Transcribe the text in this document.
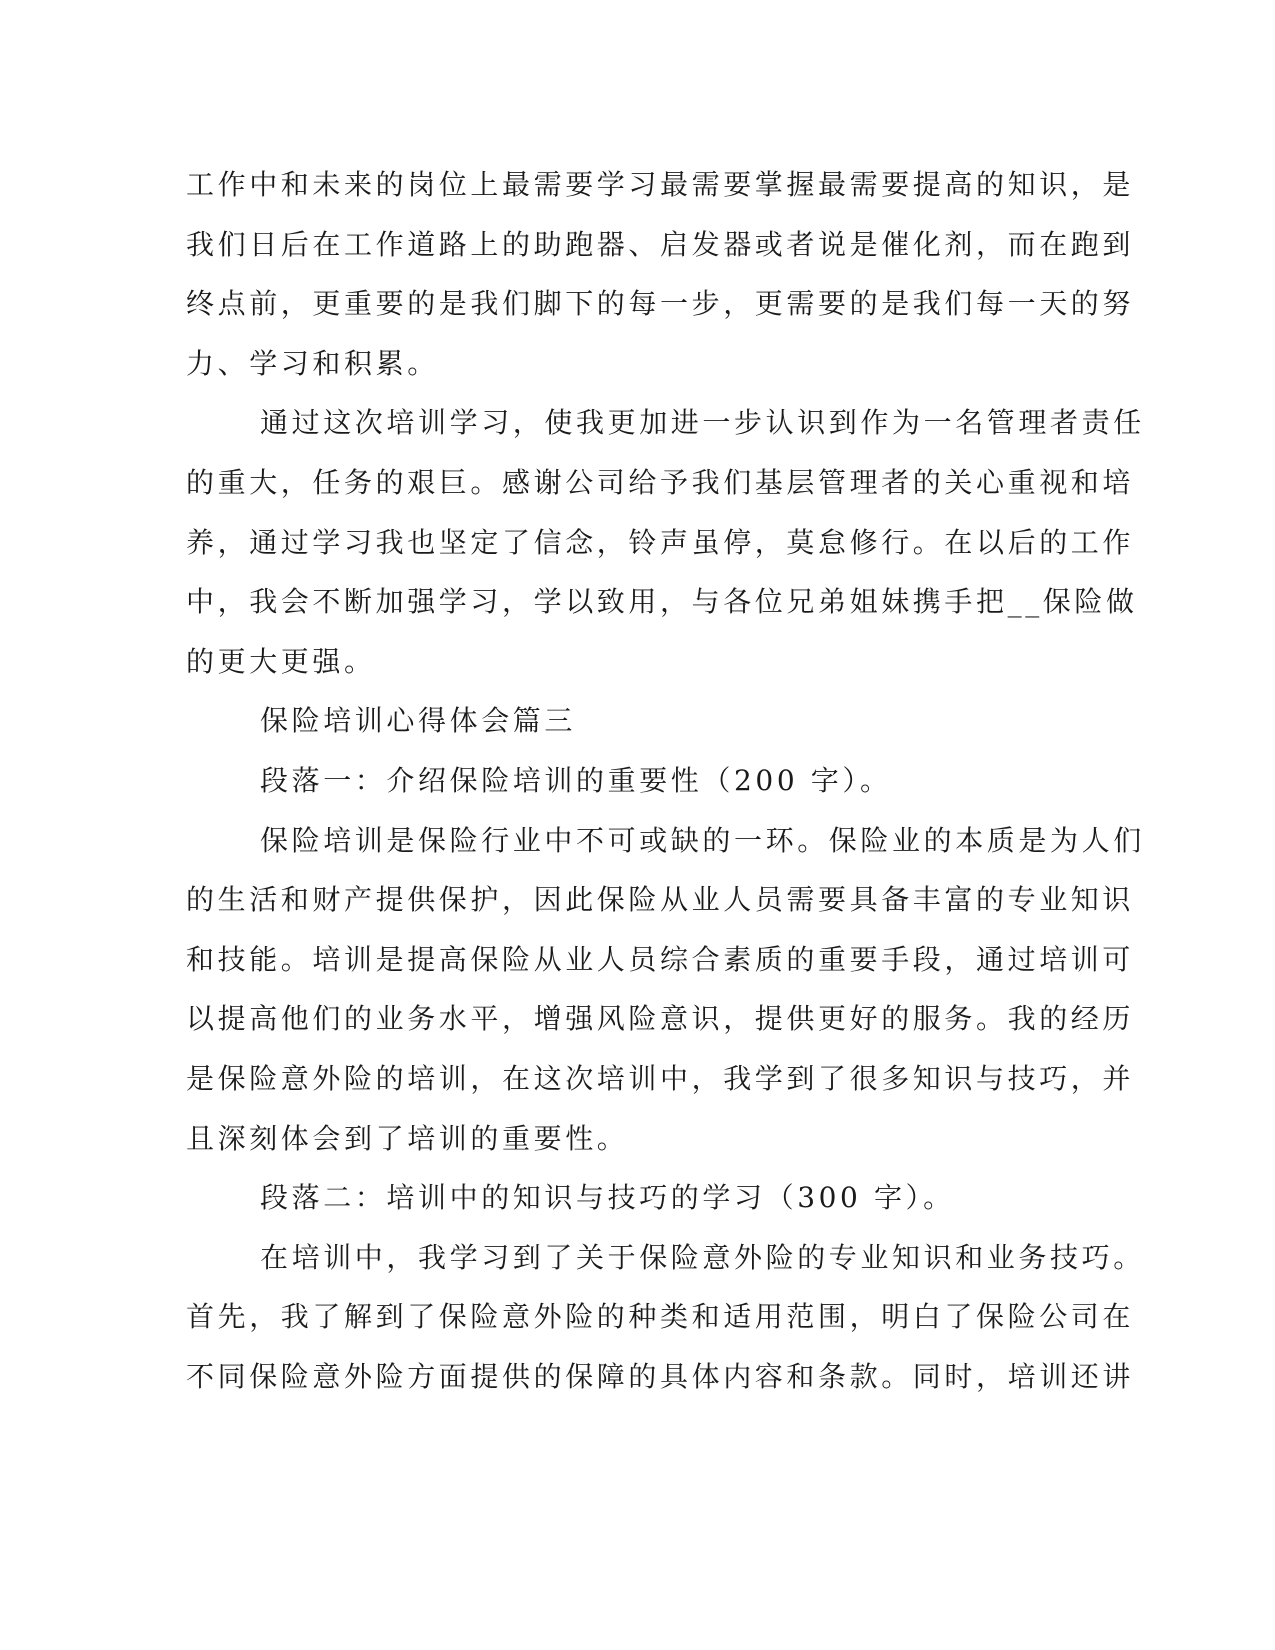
工作中和未来的岗位上最需要学习最需要掌握最需要提高的知识，是
我们日后在工作道路上的助跑器、启发器或者说是催化剂，而在跑到
终点前，更重要的是我们脚下的每一步，更需要的是我们每一天的努
力、学习和积累。
通过这次培训学习，使我更加进一步认识到作为一名管理者责任
的重大，任务的艰巨。感谢公司给予我们基层管理者的关心重视和培
养，通过学习我也坚定了信念，铃声虽停，莫怠修行。在以后的工作
中，我会不断加强学习，学以致用，与各位兄弟姐妹携手把__保险做
的更大更强。
保险培训心得体会篇三
段落一：介绍保险培训的重要性（200 字）。
保险培训是保险行业中不可或缺的一环。保险业的本质是为人们
的生活和财产提供保护，因此保险从业人员需要具备丰富的专业知识
和技能。培训是提高保险从业人员综合素质的重要手段，通过培训可
以提高他们的业务水平，增强风险意识，提供更好的服务。我的经历
是保险意外险的培训，在这次培训中，我学到了很多知识与技巧，并
且深刻体会到了培训的重要性。
段落二：培训中的知识与技巧的学习（300 字）。
在培训中，我学习到了关于保险意外险的专业知识和业务技巧。
首先，我了解到了保险意外险的种类和适用范围，明白了保险公司在
不同保险意外险方面提供的保障的具体内容和条款。同时，培训还讲
